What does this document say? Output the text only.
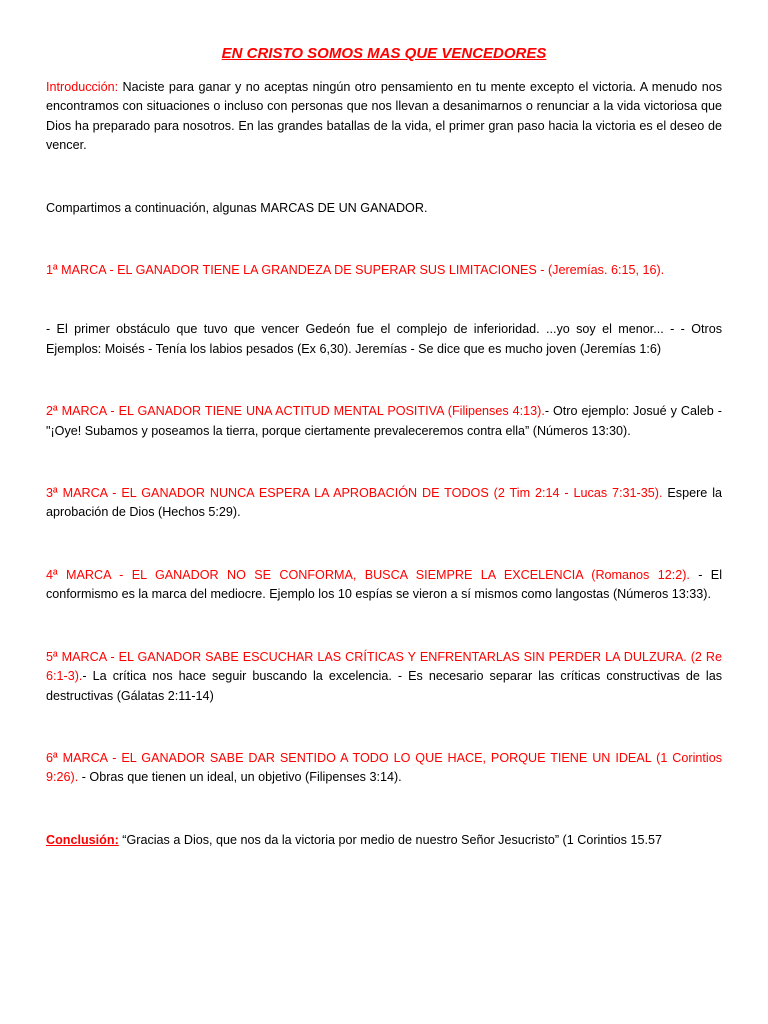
EN CRISTO SOMOS MAS QUE VENCEDORES

Introducción: Naciste para ganar y no aceptas ningún otro pensamiento en tu mente excepto el victoria. A menudo nos encontramos con situaciones o incluso con personas que nos llevan a desanimarnos o renunciar a la vida victoriosa que Dios ha preparado para nosotros. En las grandes batallas de la vida, el primer gran paso hacia la victoria es el deseo de vencer.

Compartimos a continuación, algunas MARCAS DE UN GANADOR.

1ª MARCA - EL GANADOR TIENE LA GRANDEZA DE SUPERAR SUS LIMITACIONES - (Jeremías. 6:15, 16).

- El primer obstáculo que tuvo que vencer Gedeón fue el complejo de inferioridad. ...yo soy el menor... - - Otros Ejemplos: Moisés - Tenía los labios pesados (Ex 6,30). Jeremías - Se dice que es mucho joven (Jeremías 1:6)

2ª MARCA - EL GANADOR TIENE UNA ACTITUD MENTAL POSITIVA (Filipenses 4:13).- Otro ejemplo: Josué y Caleb - "¡Oye! Subamos y poseamos la tierra, porque ciertamente prevaleceremos contra ella” (Números 13:30).

3ª MARCA - EL GANADOR NUNCA ESPERA LA APROBACIÓN DE TODOS (2 Tim 2:14 - Lucas 7:31-35). Espere la aprobación de Dios (Hechos 5:29).

4ª MARCA - EL GANADOR NO SE CONFORMA, BUSCA SIEMPRE LA EXCELENCIA (Romanos 12:2). - El conformismo es la marca del mediocre. Ejemplo los 10 espías se vieron a sí mismos como langostas (Números 13:33).

5ª MARCA - EL GANADOR SABE ESCUCHAR LAS CRÍTICAS Y ENFRENTARLAS SIN PERDER LA DULZURA. (2 Re 6:1-3).- La crítica nos hace seguir buscando la excelencia. - Es necesario separar las críticas constructivas de las destructivas (Gálatas 2:11-14)

6ª MARCA - EL GANADOR SABE DAR SENTIDO A TODO LO QUE HACE, PORQUE TIENE UN IDEAL (1 Corintios 9:26). - Obras que tienen un ideal, un objetivo (Filipenses 3:14).

Conclusión: “Gracias a Dios, que nos da la victoria por medio de nuestro Señor Jesucristo” (1 Corintios 15.57
